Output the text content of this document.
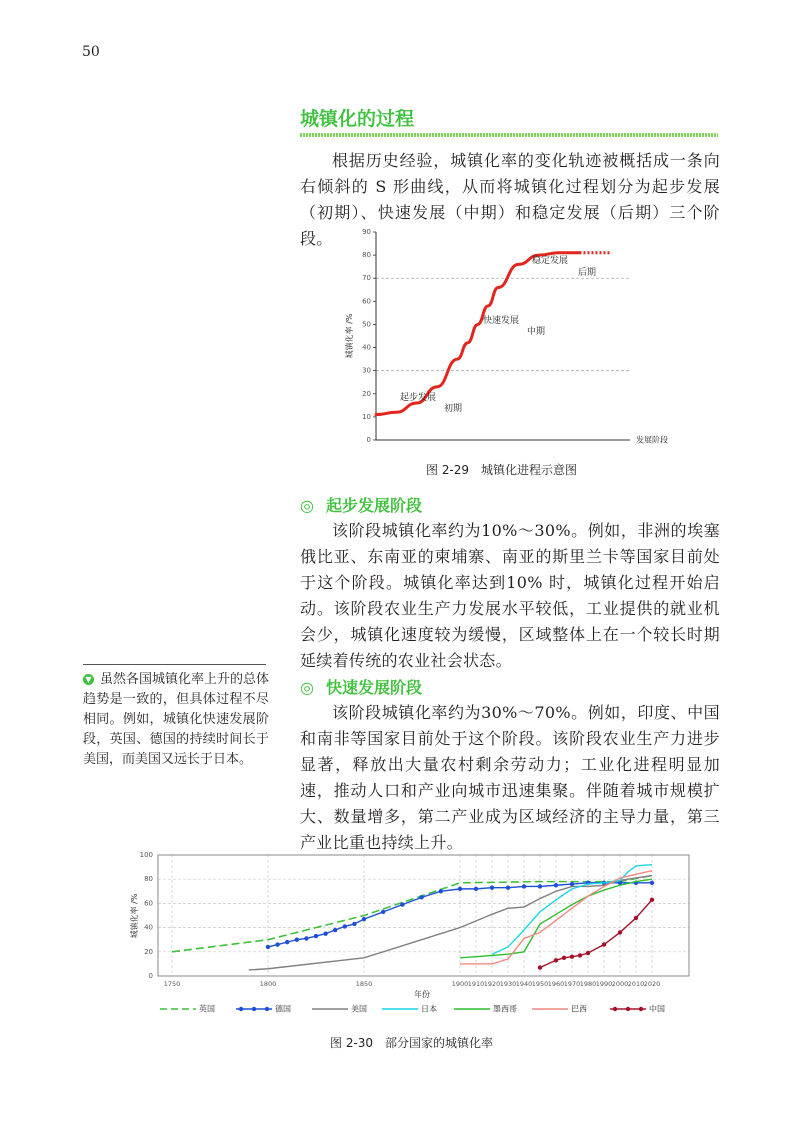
50
城镇化的过程

根据历史经验，城镇化率的变化轨迹被概括成一条向右倾斜的 S 形曲线，从而将城镇化过程划分为起步发展（初期）、快速发展（中期）和稳定发展（后期）三个阶段。

0
10
20
30
40
50
60
70
80
90
发展阶段
城镇化率 /%
起步发展
初期
快速发展
中期
稳定发展
后期

图 2-29　城镇化进程示意图

◎ 起步发展阶段

该阶段城镇化率约为10%～30%。例如，非洲的埃塞俄比亚、东南亚的柬埔寨、南亚的斯里兰卡等国家目前处于这个阶段。城镇化率达到10% 时，城镇化过程开始启动。该阶段农业生产力发展水平较低，工业提供的就业机会少，城镇化速度较为缓慢，区域整体上在一个较长时期延续着传统的农业社会状态。

▼ 虽然各国城镇化率上升的总体趋势是一致的，但具体过程不尽相同。例如，城镇化快速发展阶段，英国、德国的持续时间长于美国，而美国又远长于日本。

◎ 快速发展阶段

该阶段城镇化率约为30%～70%。例如，印度、中国和南非等国家目前处于这个阶段。该阶段农业生产力进步显著，释放出大量农村剩余劳动力；工业化进程明显加速，推动人口和产业向城市迅速集聚。伴随着城市规模扩大、数量增多，第二产业成为区域经济的主导力量，第三产业比重也持续上升。

0
20
40
60
80
100
1750	1800	1850	1900 1910 1920 1930 1940 1950 1960 1970 1980 1990 2000 2010 2020
城镇化率 /%
年份
英国	德国	美国	日本	墨西哥	巴西	中国

图 2-30　部分国家的城镇化率
